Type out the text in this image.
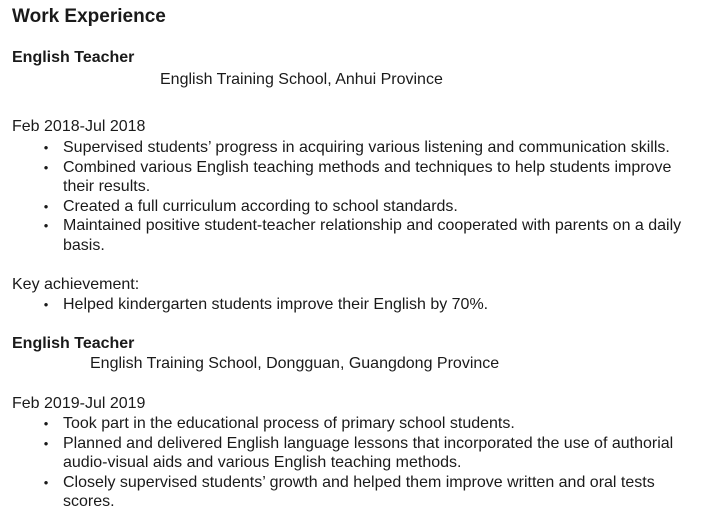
Work Experience
English Teacher
English Training School, Anhui Province
Feb 2018-Jul 2018
• Supervised students’ progress in acquiring various listening and communication skills.
• Combined various English teaching methods and techniques to help students improve their results.
• Created a full curriculum according to school standards.
• Maintained positive student-teacher relationship and cooperated with parents on a daily basis.
Key achievement:
• Helped kindergarten students improve their English by 70%.
English Teacher
English Training School, Dongguan, Guangdong Province
Feb 2019-Jul 2019
• Took part in the educational process of primary school students.
• Planned and delivered English language lessons that incorporated the use of authorial audio-visual aids and various English teaching methods.
• Closely supervised students’ growth and helped them improve written and oral tests scores.
